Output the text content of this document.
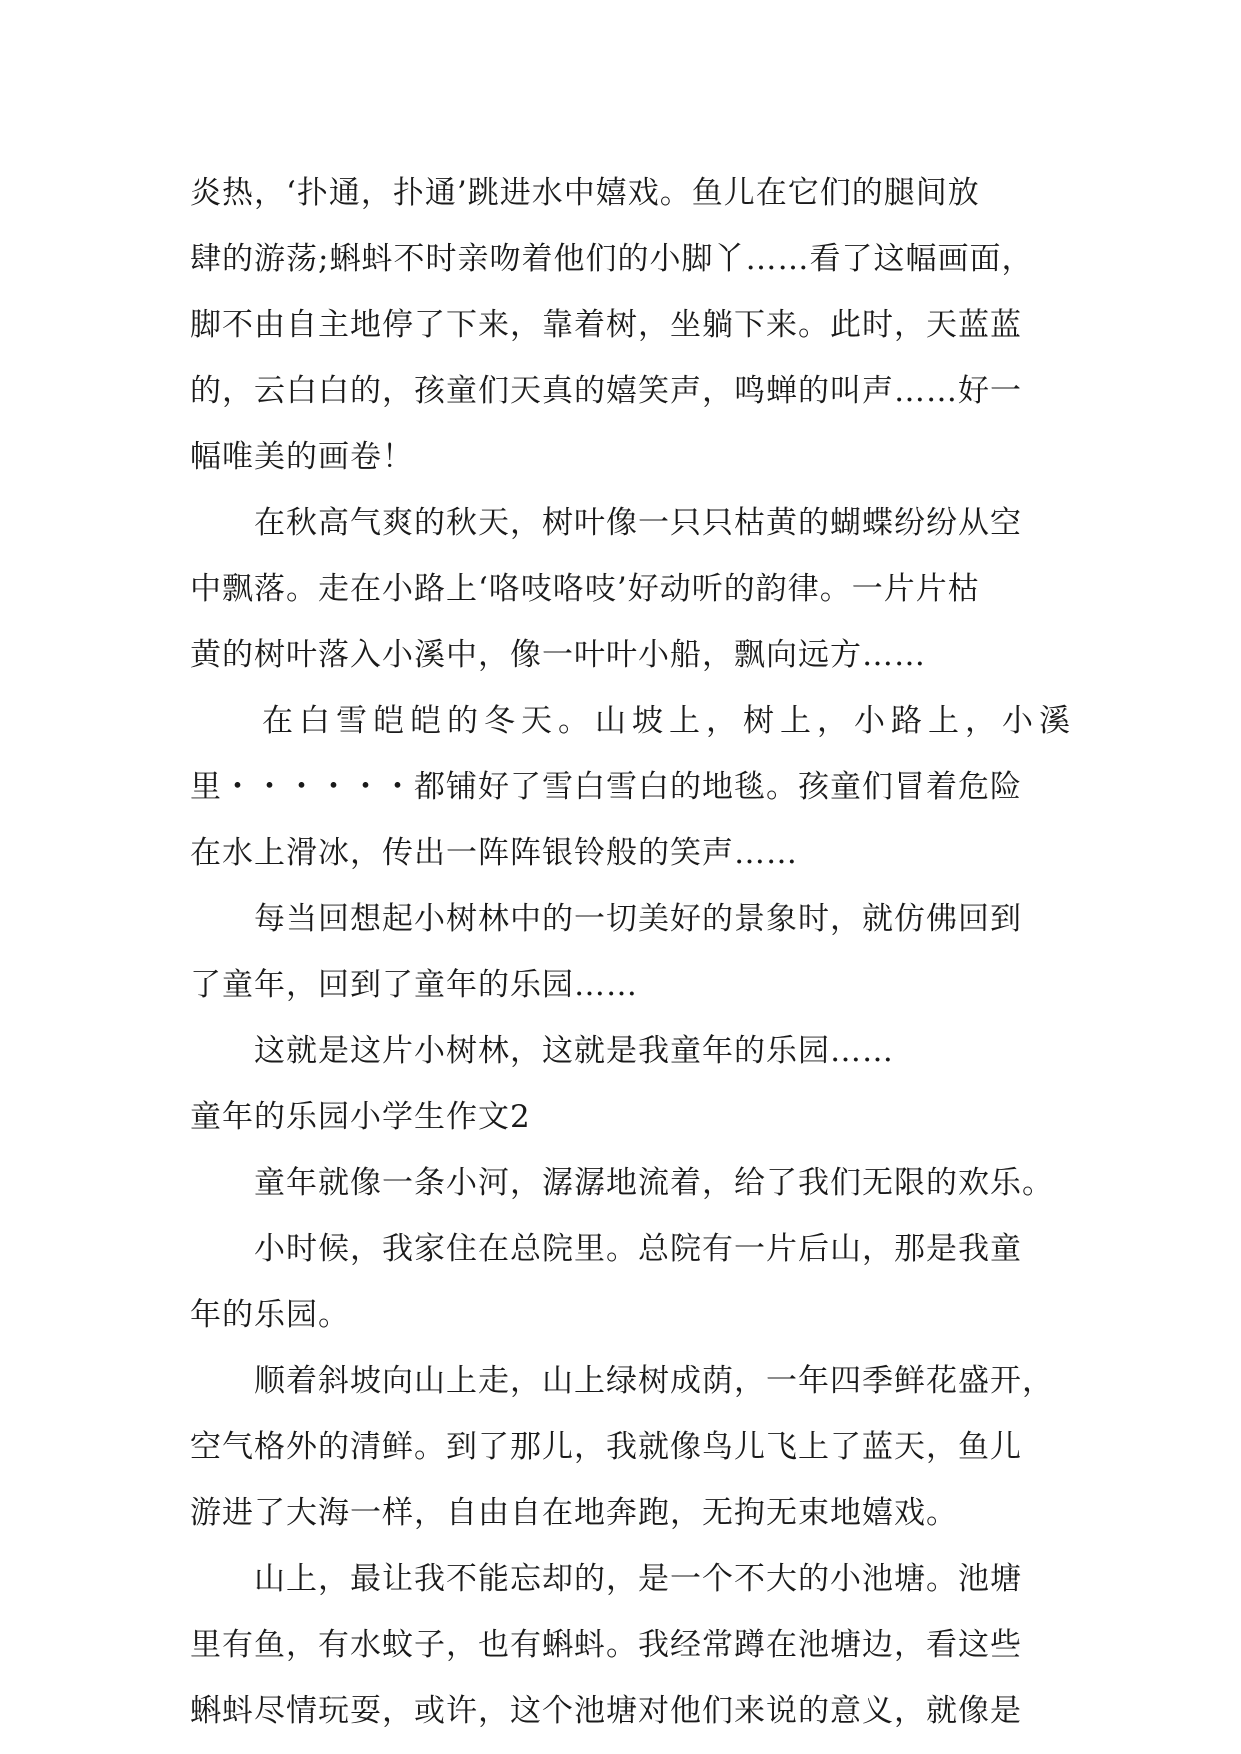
炎热，‘扑通，扑通’跳进水中嬉戏。鱼儿在它们的腿间放
肆的游荡;蝌蚪不时亲吻着他们的小脚丫……看了这幅画面，
脚不由自主地停了下来，靠着树，坐躺下来。此时，天蓝蓝
的，云白白的，孩童们天真的嬉笑声，鸣蝉的叫声……好一
幅唯美的画卷！
在秋高气爽的秋天，树叶像一只只枯黄的蝴蝶纷纷从空
中飘落。走在小路上‘咯吱咯吱’好动听的韵律。一片片枯
黄的树叶落入小溪中，像一叶叶小船，飘向远方……
在白雪皑皑的冬天。山坡上，树上，小路上，小溪
里・・・・・・都铺好了雪白雪白的地毯。孩童们冒着危险
在水上滑冰，传出一阵阵银铃般的笑声……
每当回想起小树林中的一切美好的景象时，就仿佛回到
了童年，回到了童年的乐园……
这就是这片小树林，这就是我童年的乐园……
童年的乐园小学生作文2
童年就像一条小河，潺潺地流着，给了我们无限的欢乐。
小时候，我家住在总院里。总院有一片后山，那是我童
年的乐园。
顺着斜坡向山上走，山上绿树成荫，一年四季鲜花盛开，
空气格外的清鲜。到了那儿，我就像鸟儿飞上了蓝天，鱼儿
游进了大海一样，自由自在地奔跑，无拘无束地嬉戏。
山上，最让我不能忘却的，是一个不大的小池塘。池塘
里有鱼，有水蚊子，也有蝌蚪。我经常蹲在池塘边，看这些
蝌蚪尽情玩耍，或许，这个池塘对他们来说的意义，就像是
